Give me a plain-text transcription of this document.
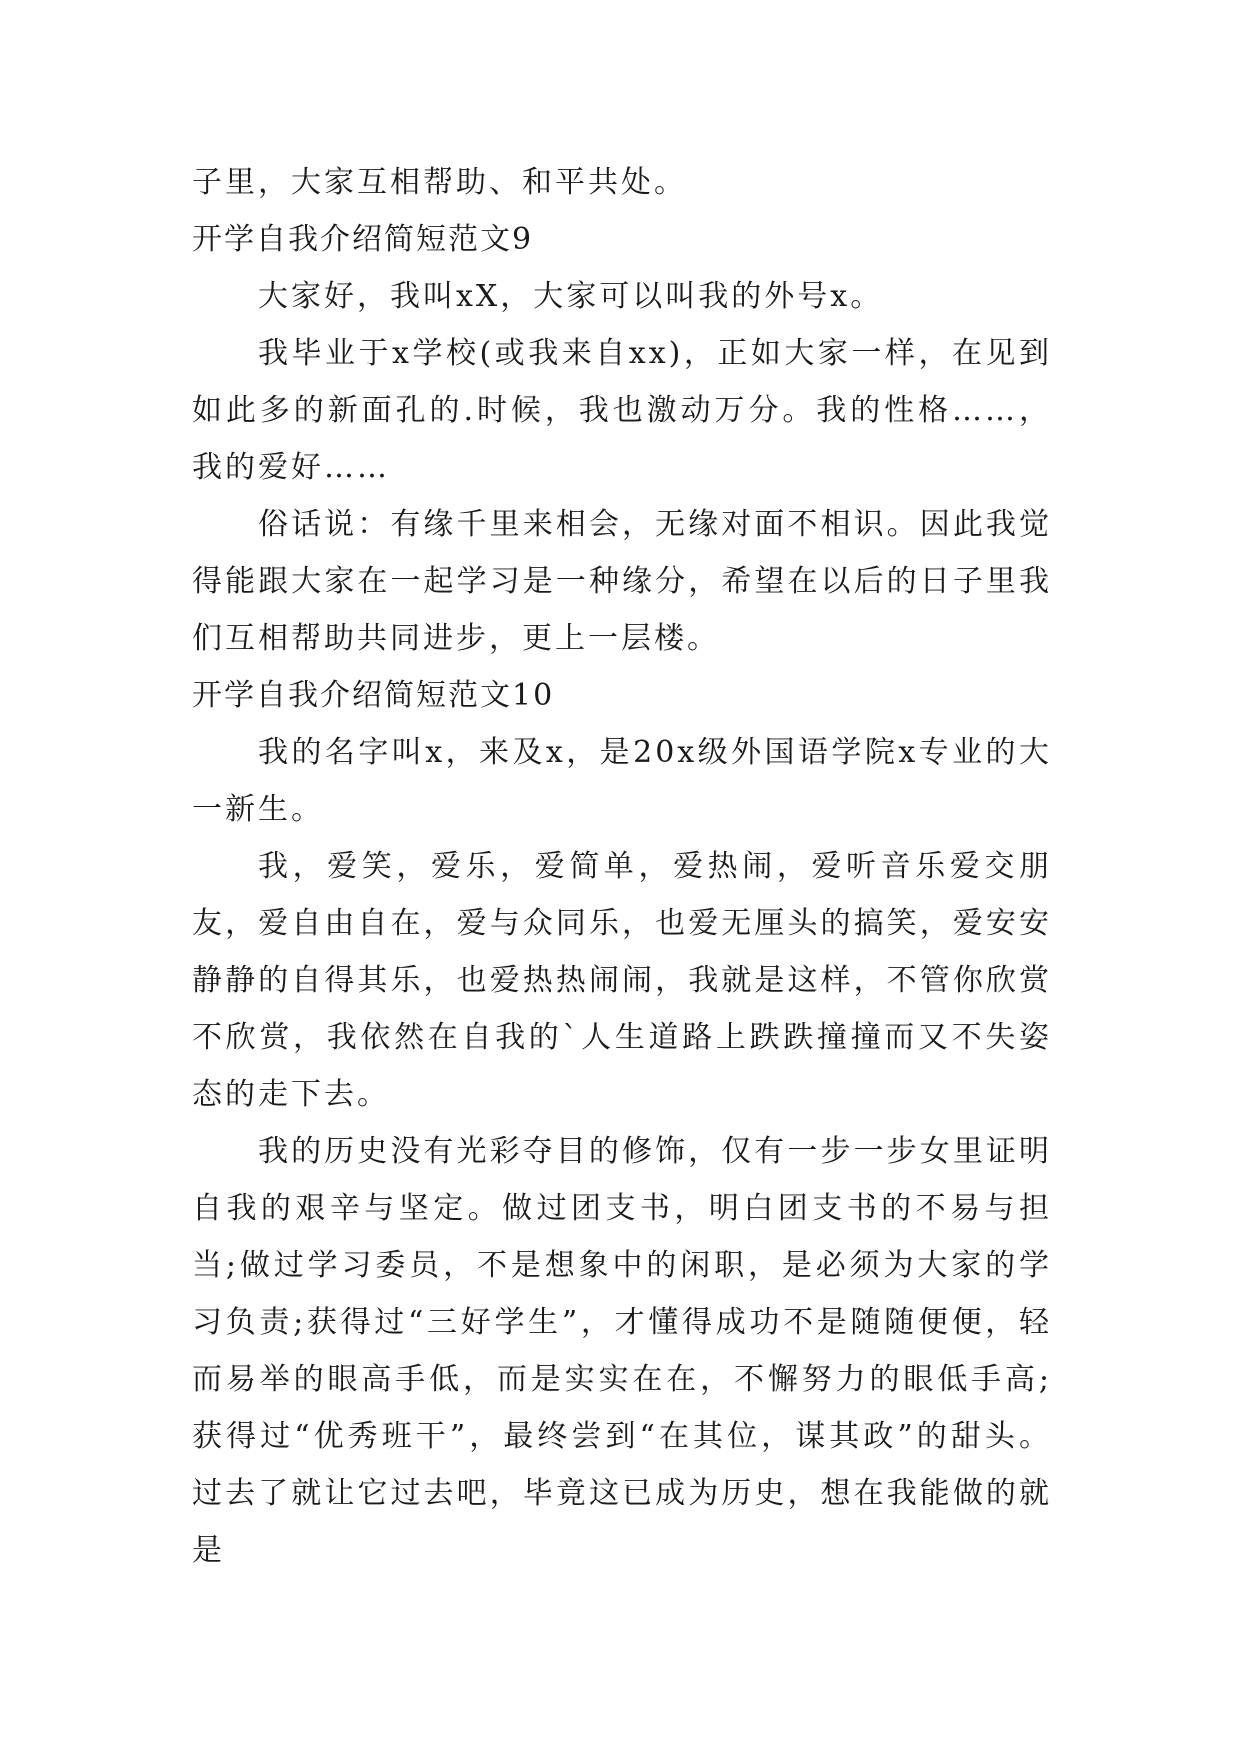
子里，大家互相帮助、和平共处。

开学自我介绍简短范文9

大家好，我叫xX，大家可以叫我的外号x。

我毕业于x学校(或我来自xx)，正如大家一样，在见到如此多的新面孔的.时候，我也激动万分。我的性格……，我的爱好……

俗话说：有缘千里来相会，无缘对面不相识。因此我觉得能跟大家在一起学习是一种缘分，希望在以后的日子里我们互相帮助共同进步，更上一层楼。

开学自我介绍简短范文10

我的名字叫x，来及x，是20x级外国语学院x专业的大一新生。

我，爱笑，爱乐，爱简单，爱热闹，爱听音乐爱交朋友，爱自由自在，爱与众同乐，也爱无厘头的搞笑，爱安安静静的自得其乐，也爱热热闹闹，我就是这样，不管你欣赏不欣赏，我依然在自我的`人生道路上跌跌撞撞而又不失姿态的走下去。

我的历史没有光彩夺目的修饰，仅有一步一步女里证明自我的艰辛与坚定。做过团支书，明白团支书的不易与担当;做过学习委员，不是想象中的闲职，是必须为大家的学习负责;获得过“三好学生”，才懂得成功不是随随便便，轻而易举的眼高手低，而是实实在在，不懈努力的眼低手高;获得过“优秀班干”，最终尝到“在其位，谋其政”的甜头。过去了就让它过去吧，毕竟这已成为历史，想在我能做的就是
